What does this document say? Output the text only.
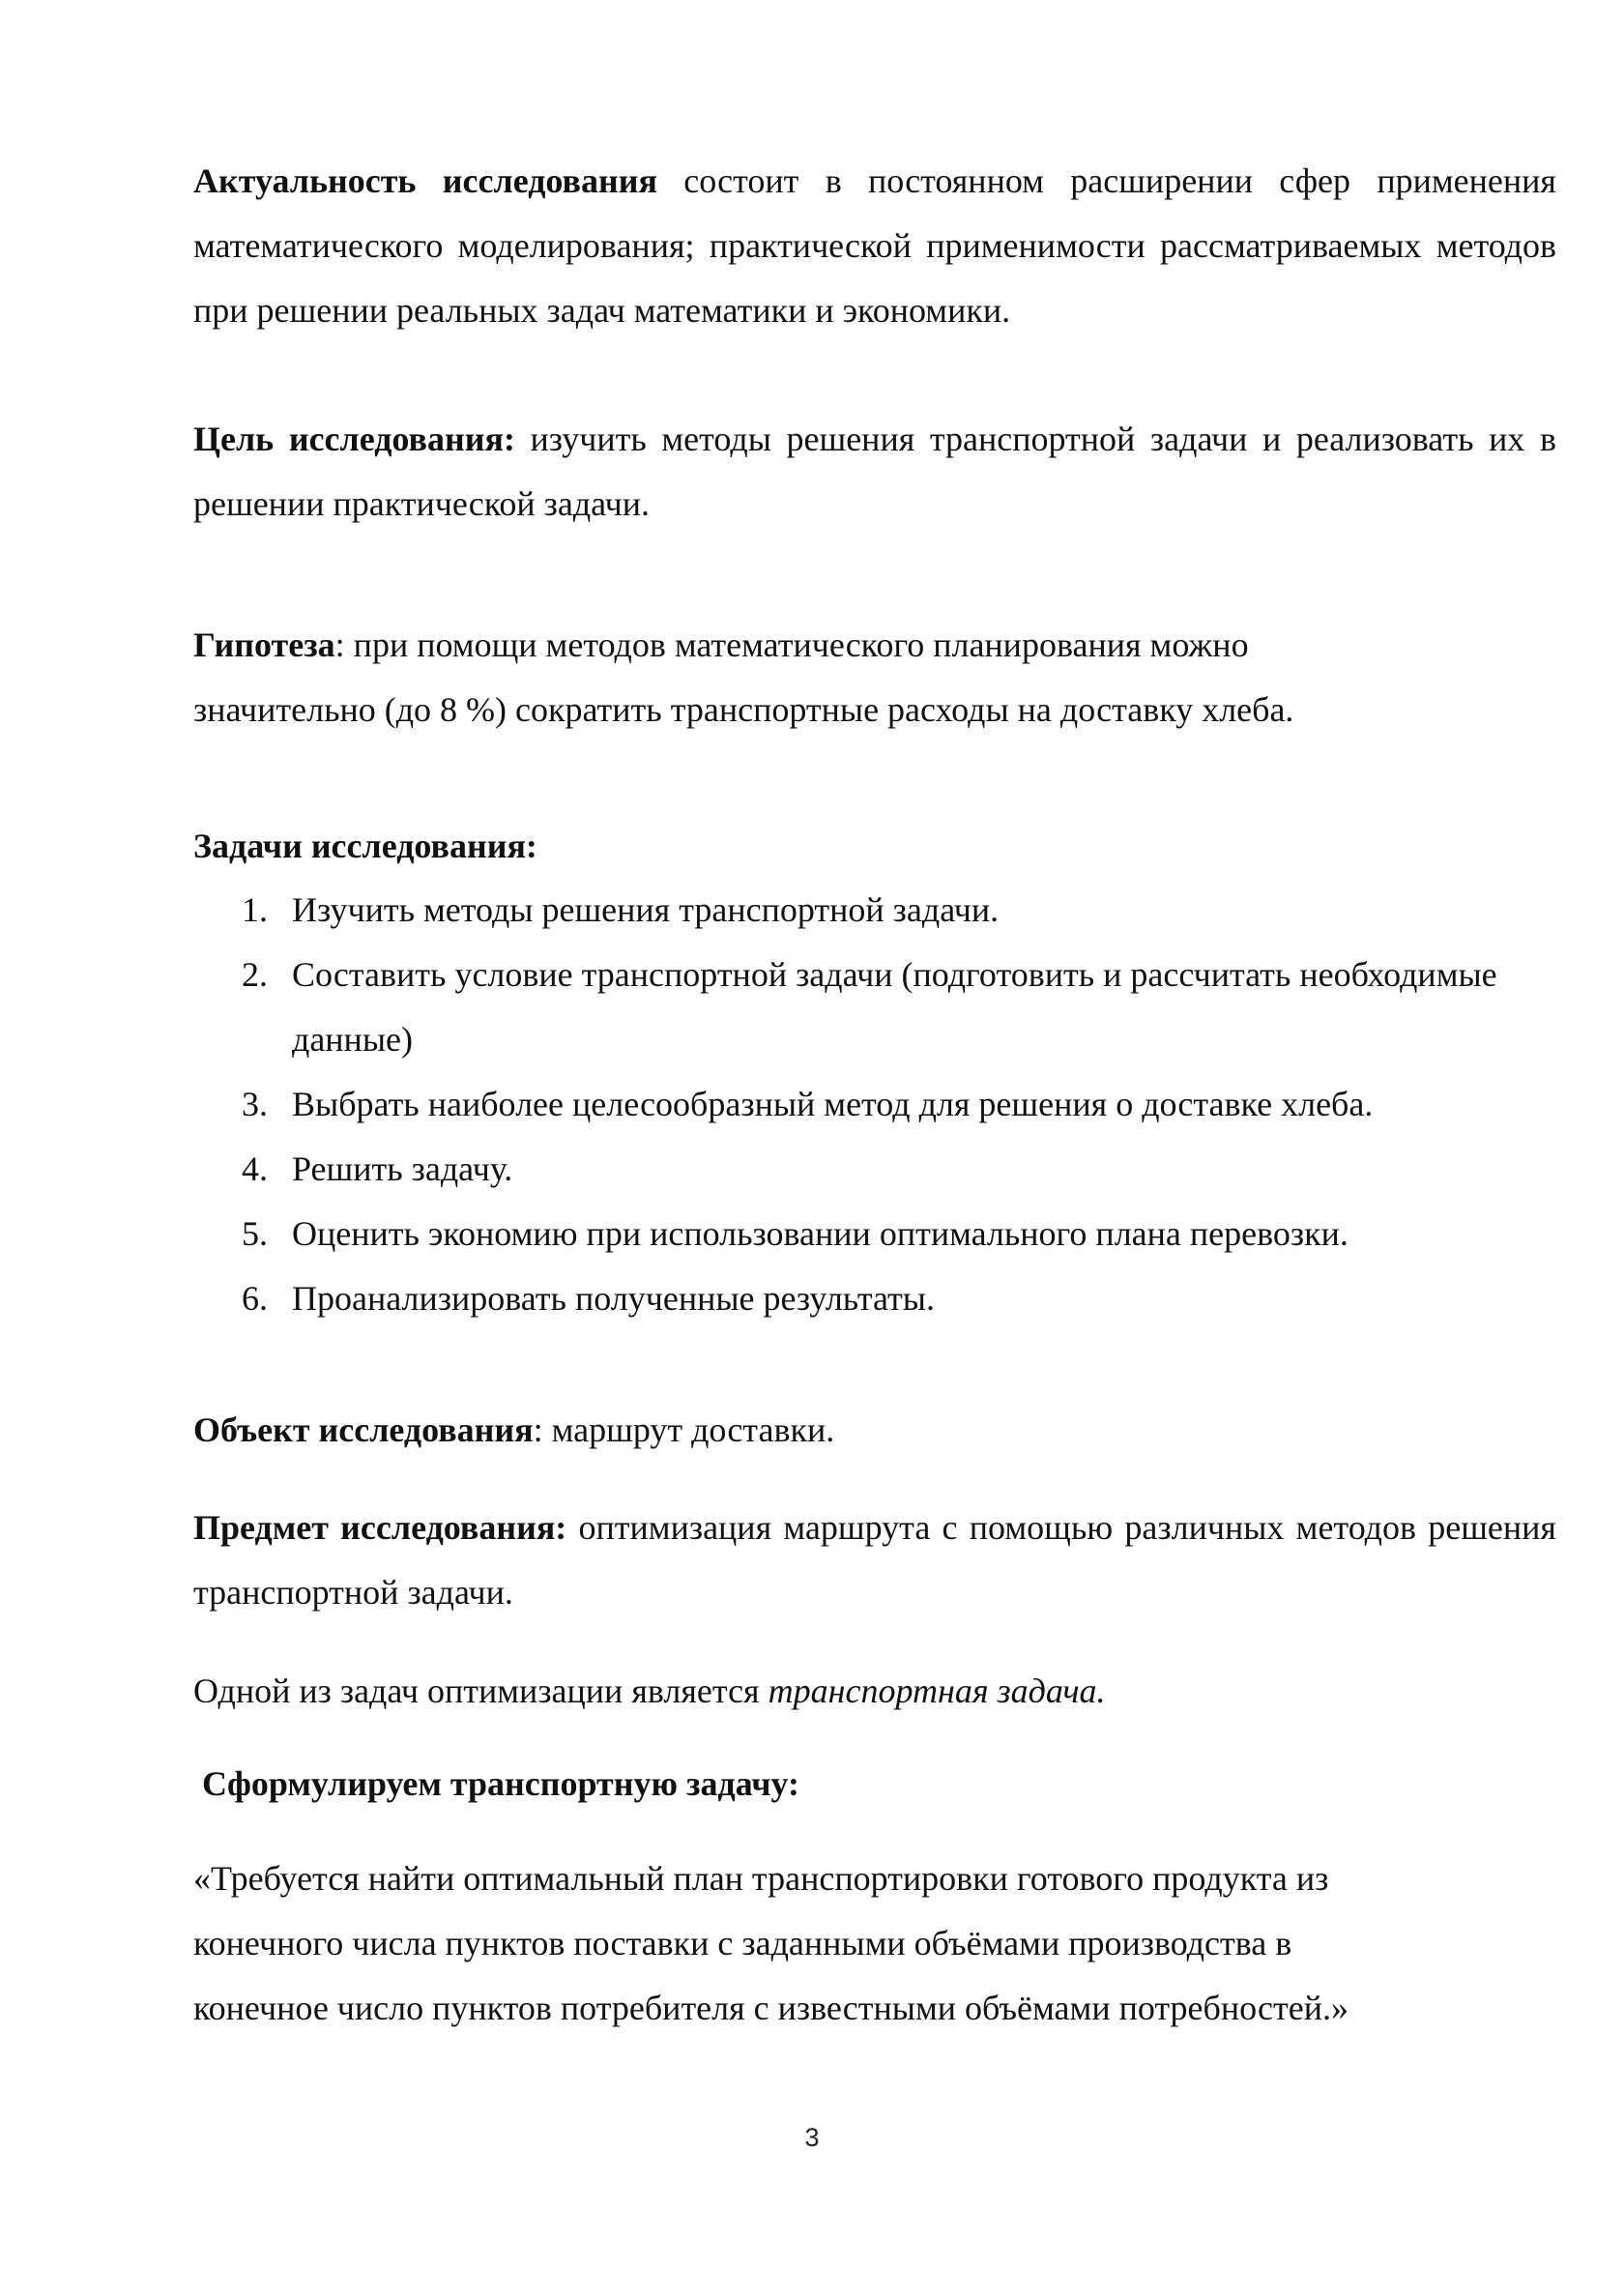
Актуальность исследования состоит в постоянном расширении сфер применения математического моделирования; практической применимости рассматриваемых методов при решении реальных задач математики и экономики.

Цель исследования: изучить методы решения транспортной задачи и реализовать их в решении практической задачи.

Гипотеза: при помощи методов математического планирования можно
значительно (до 8 %) сократить транспортные расходы на доставку хлеба.
Задачи исследования:
1. Изучить методы решения транспортной задачи.
2. Составить условие транспортной задачи (подготовить и рассчитать необходимые данные)
3. Выбрать наиболее целесообразный метод для решения о доставке хлеба.
4. Решить задачу.
5. Оценить экономию при использовании оптимального плана перевозки.
6. Проанализировать полученные результаты.
Объект исследования: маршрут доставки.

Предмет исследования: оптимизация маршрута с помощью различных методов решения транспортной задачи.

Одной из задач оптимизации является транспортная задача.
Сформулируем транспортную задачу:
«Требуется найти оптимальный план транспортировки готового продукта из
конечного числа пунктов поставки с заданными объёмами производства в
конечное число пунктов потребителя с известными объёмами потребностей.»
3
